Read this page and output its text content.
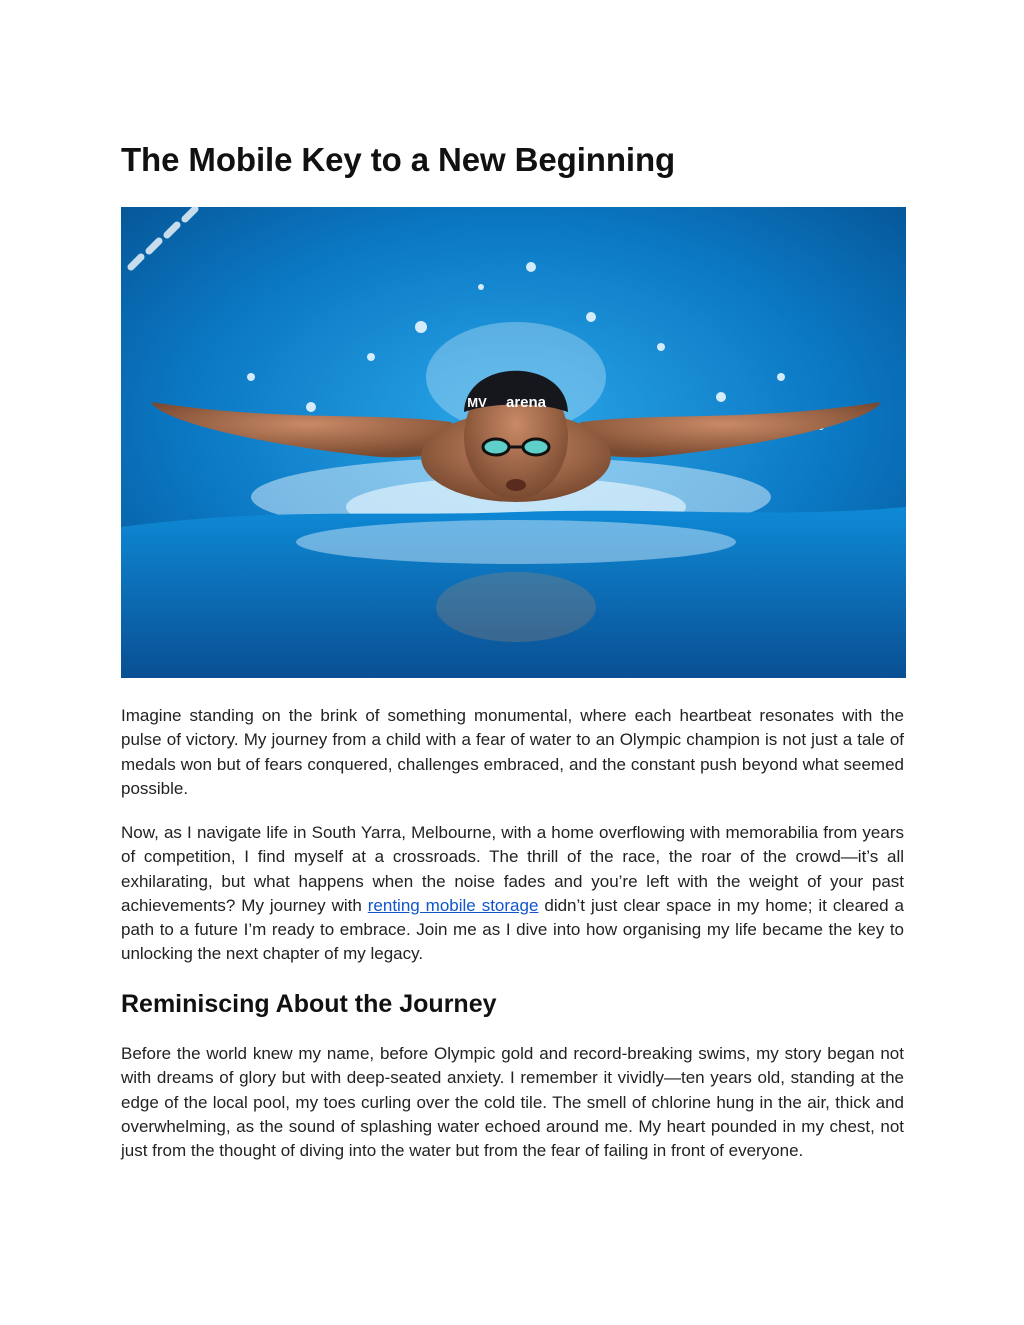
The Mobile Key to a New Beginning
arena
MV

Imagine standing on the brink of something monumental, where each heartbeat resonates with the pulse of victory. My journey from a child with a fear of water to an Olympic champion is not just a tale of medals won but of fears conquered, challenges embraced, and the constant push beyond what seemed possible.

Now, as I navigate life in South Yarra, Melbourne, with a home overflowing with memorabilia from years of competition, I find myself at a crossroads. The thrill of the race, the roar of the crowd—it’s all exhilarating, but what happens when the noise fades and you’re left with the weight of your past achievements? My journey with renting mobile storage didn’t just clear space in my home; it cleared a path to a future I’m ready to embrace. Join me as I dive into how organising my life became the key to unlocking the next chapter of my legacy.

Reminiscing About the Journey

Before the world knew my name, before Olympic gold and record-breaking swims, my story began not with dreams of glory but with deep-seated anxiety. I remember it vividly—ten years old, standing at the edge of the local pool, my toes curling over the cold tile. The smell of chlorine hung in the air, thick and overwhelming, as the sound of splashing water echoed around me. My heart pounded in my chest, not just from the thought of diving into the water but from the fear of failing in front of everyone.
